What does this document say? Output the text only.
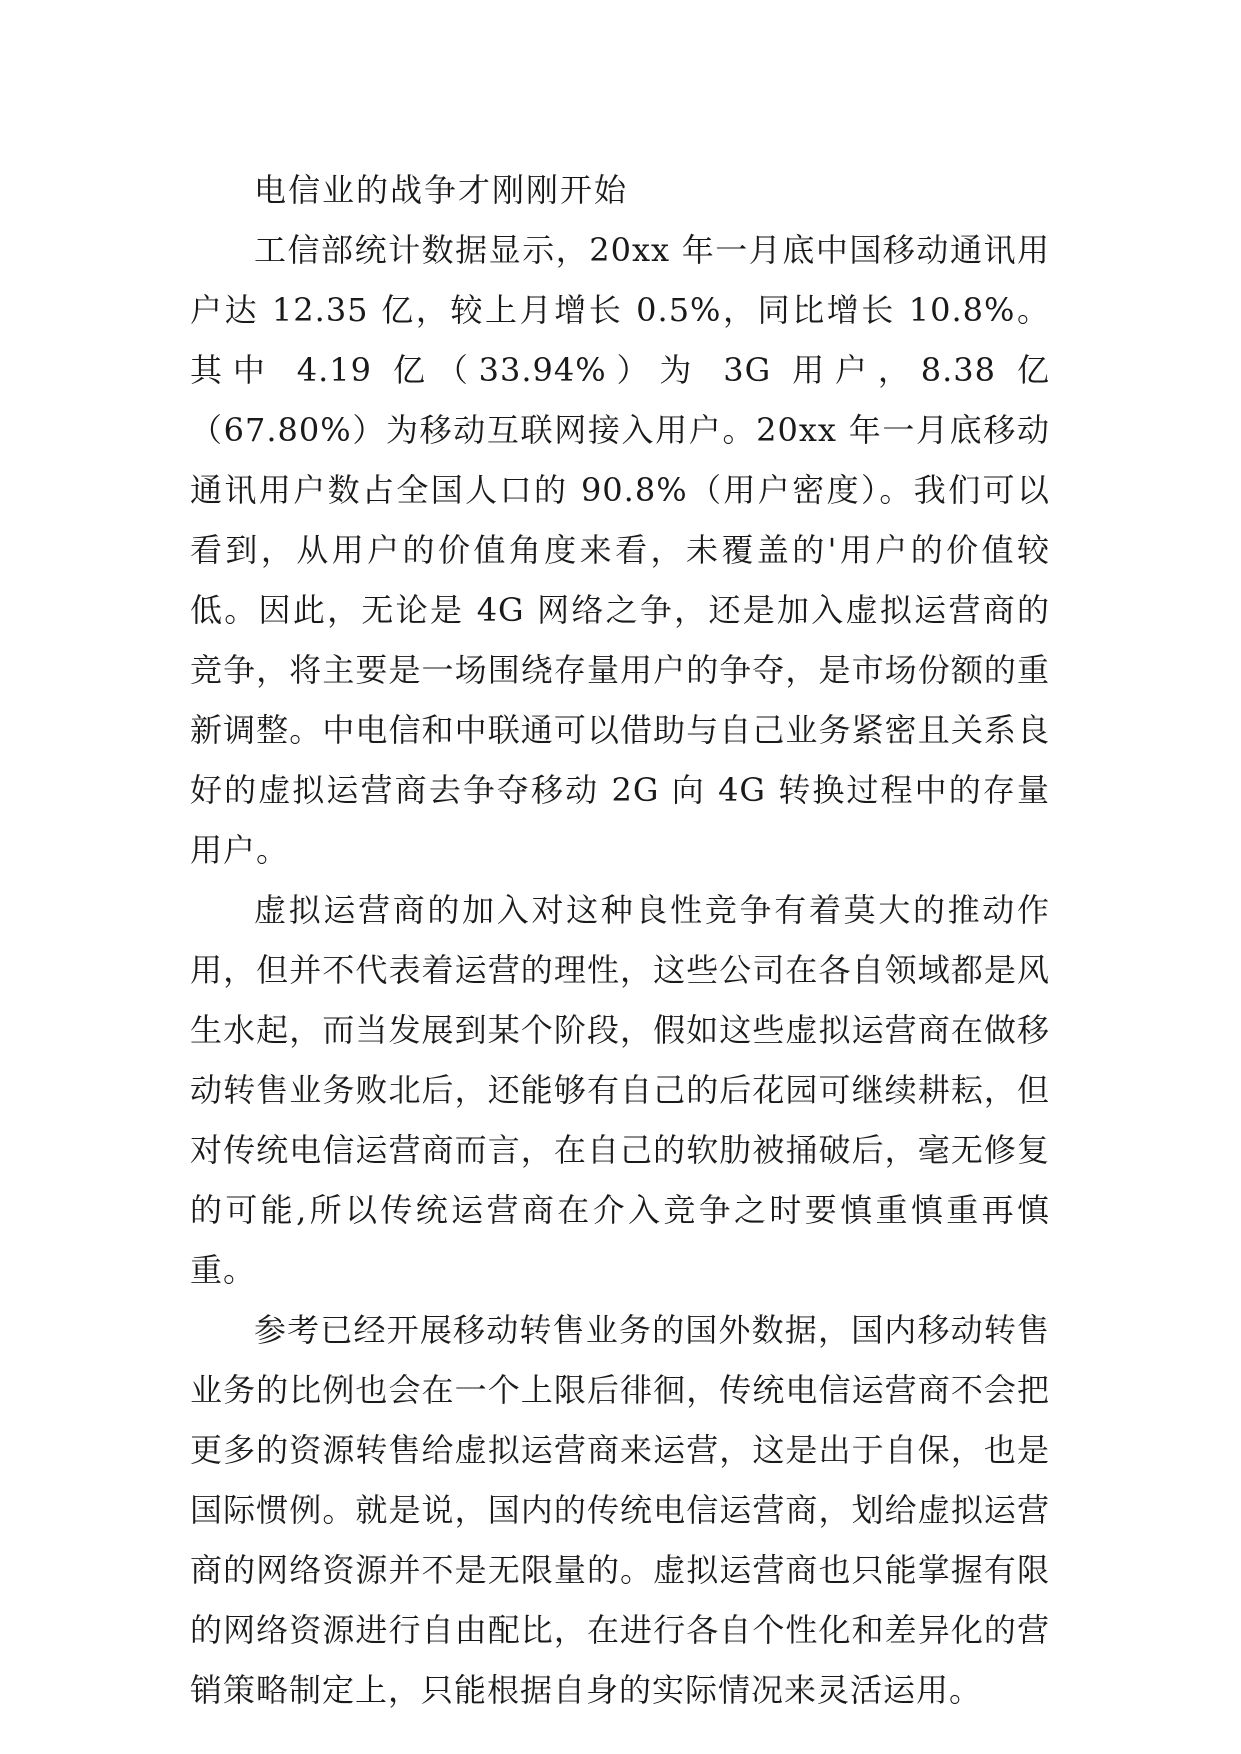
电信业的战争才刚刚开始

工信部统计数据显示，20xx 年一月底中国移动通讯用户达 12.35 亿，较上月增长 0.5%，同比增长 10.8%。其中 4.19 亿（33.94%）为 3G 用户，8.38 亿（67.80%）为移动互联网接入用户。20xx 年一月底移动通讯用户数占全国人口的 90.8%（用户密度）。我们可以看到，从用户的价值角度来看，未覆盖的'用户的价值较低。因此，无论是 4G 网络之争，还是加入虚拟运营商的竞争，将主要是一场围绕存量用户的争夺，是市场份额的重新调整。中电信和中联通可以借助与自己业务紧密且关系良好的虚拟运营商去争夺移动 2G 向 4G 转换过程中的存量用户。

虚拟运营商的加入对这种良性竞争有着莫大的推动作用，但并不代表着运营的理性，这些公司在各自领域都是风生水起，而当发展到某个阶段，假如这些虚拟运营商在做移动转售业务败北后，还能够有自己的后花园可继续耕耘，但对传统电信运营商而言，在自己的软肋被捅破后，毫无修复的可能,所以传统运营商在介入竞争之时要慎重慎重再慎重。

参考已经开展移动转售业务的国外数据，国内移动转售业务的比例也会在一个上限后徘徊，传统电信运营商不会把更多的资源转售给虚拟运营商来运营，这是出于自保，也是国际惯例。就是说，国内的传统电信运营商，划给虚拟运营商的网络资源并不是无限量的。虚拟运营商也只能掌握有限的网络资源进行自由配比，在进行各自个性化和差异化的营销策略制定上，只能根据自身的实际情况来灵活运用。
